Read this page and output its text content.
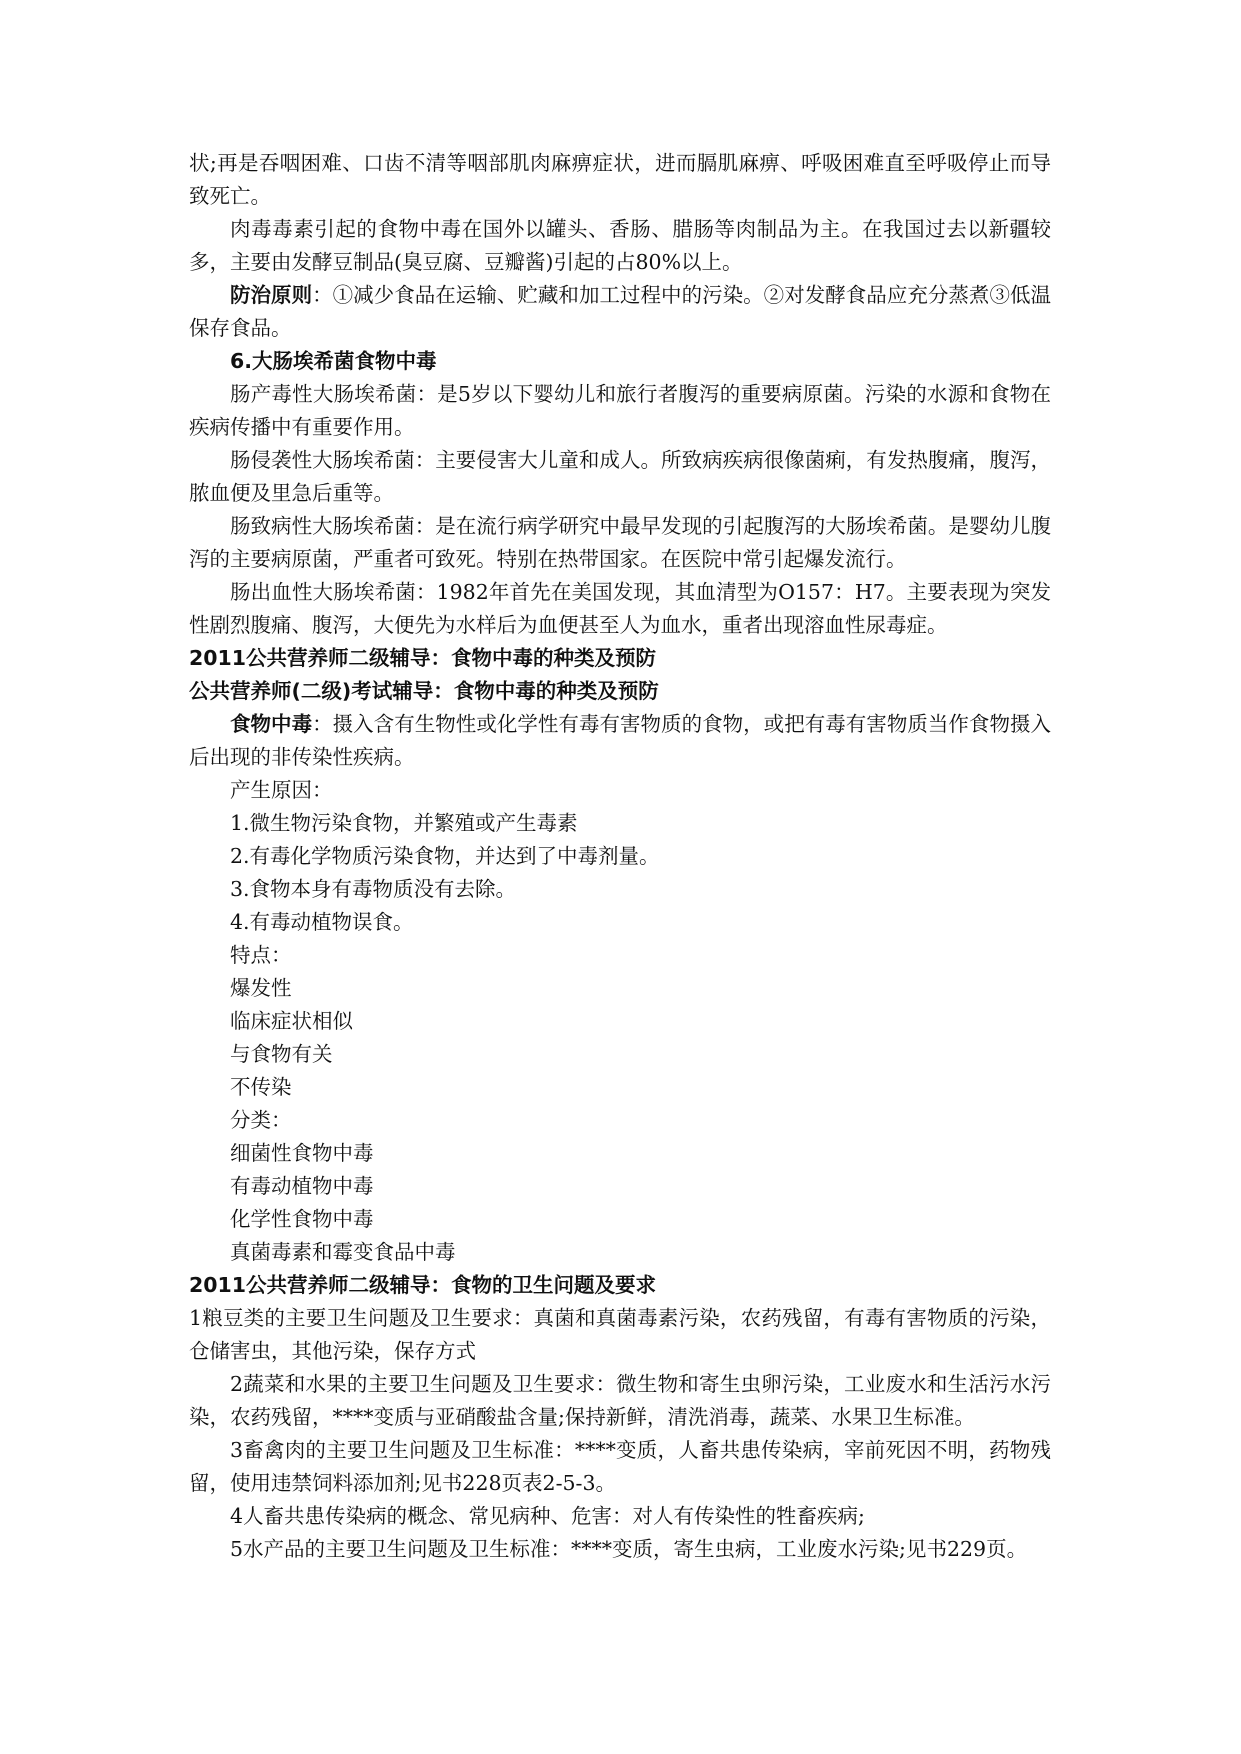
状;再是吞咽困难、口齿不清等咽部肌肉麻痹症状，进而膈肌麻痹、呼吸困难直至呼吸停止而导致死亡。

肉毒毒素引起的食物中毒在国外以罐头、香肠、腊肠等肉制品为主。在我国过去以新疆较多，主要由发酵豆制品(臭豆腐、豆瓣酱)引起的占80%以上。

防治原则：①减少食品在运输、贮藏和加工过程中的污染。②对发酵食品应充分蒸煮③低温保存食品。

6.大肠埃希菌食物中毒

肠产毒性大肠埃希菌：是5岁以下婴幼儿和旅行者腹泻的重要病原菌。污染的水源和食物在疾病传播中有重要作用。

肠侵袭性大肠埃希菌：主要侵害大儿童和成人。所致病疾病很像菌痢，有发热腹痛，腹泻，脓血便及里急后重等。

肠致病性大肠埃希菌：是在流行病学研究中最早发现的引起腹泻的大肠埃希菌。是婴幼儿腹泻的主要病原菌，严重者可致死。特别在热带国家。在医院中常引起爆发流行。

肠出血性大肠埃希菌：1982年首先在美国发现，其血清型为O157：H7。主要表现为突发性剧烈腹痛、腹泻，大便先为水样后为血便甚至人为血水，重者出现溶血性尿毒症。

2011公共营养师二级辅导：食物中毒的种类及预防

公共营养师(二级)考试辅导：食物中毒的种类及预防

食物中毒：摄入含有生物性或化学性有毒有害物质的食物，或把有毒有害物质当作食物摄入后出现的非传染性疾病。

产生原因：

1.微生物污染食物，并繁殖或产生毒素

2.有毒化学物质污染食物，并达到了中毒剂量。

3.食物本身有毒物质没有去除。

4.有毒动植物误食。

特点：

爆发性

临床症状相似

与食物有关

不传染

分类：

细菌性食物中毒

有毒动植物中毒

化学性食物中毒

真菌毒素和霉变食品中毒

2011公共营养师二级辅导：食物的卫生问题及要求

1粮豆类的主要卫生问题及卫生要求：真菌和真菌毒素污染，农药残留，有毒有害物质的污染，仓储害虫，其他污染，保存方式

2蔬菜和水果的主要卫生问题及卫生要求：微生物和寄生虫卵污染，工业废水和生活污水污染，农药残留，****变质与亚硝酸盐含量;保持新鲜，清洗消毒，蔬菜、水果卫生标准。

3畜禽肉的主要卫生问题及卫生标准：****变质，人畜共患传染病，宰前死因不明，药物残留，使用违禁饲料添加剂;见书228页表2-5-3。

4人畜共患传染病的概念、常见病种、危害：对人有传染性的牲畜疾病;

5水产品的主要卫生问题及卫生标准：****变质，寄生虫病，工业废水污染;见书229页。
